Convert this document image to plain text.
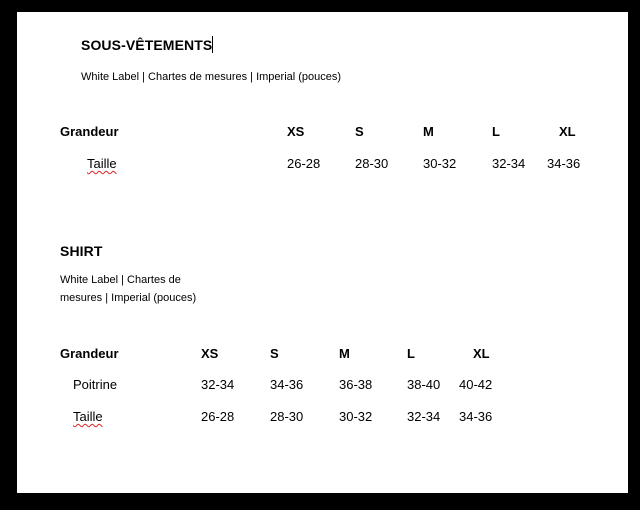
SOUS-VÊTEMENTS
White Label | Chartes de mesures | Imperial (pouces)
Grandeur	XS	S	M	L	XL
Taille	26-28	28-30	30-32	32-34 34-36
SHIRT
White Label | Chartes de
mesures | Imperial (pouces)
Grandeur	XS	S	M	L	XL
Poitrine	32-34	34-36	36-38	38-40 40-42
Taille	26-28	28-30	30-32	32-34 34-36
